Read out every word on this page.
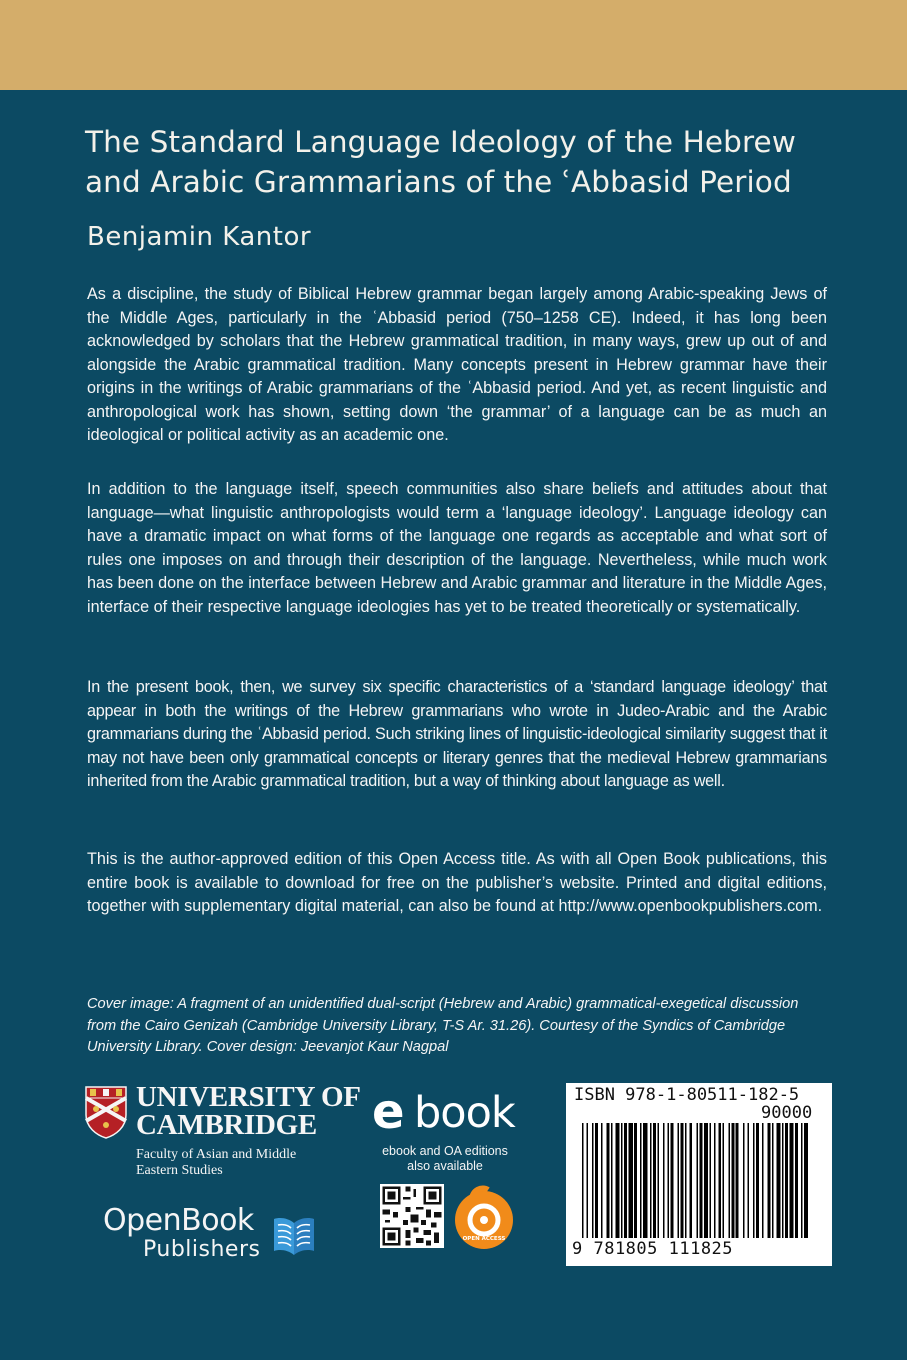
The Standard Language Ideology of the Hebrew
and Arabic Grammarians of the ʿAbbasid Period
Benjamin Kantor

As a discipline, the study of Biblical Hebrew grammar began largely among Arabic-speaking Jews of the Middle Ages, particularly in the ʿAbbasid period (750–1258 CE). Indeed, it has long been acknowledged by scholars that the Hebrew grammatical tradition, in many ways, grew up out of and alongside the Arabic grammatical tradition. Many concepts present in Hebrew grammar have their origins in the writings of Arabic grammarians of the ʿAbbasid period. And yet, as recent linguistic and anthropological work has shown, setting down ‘the grammar’ of a language can be as much an ideological or political activity as an academic one.

In addition to the language itself, speech communities also share beliefs and attitudes about that language—what linguistic anthropologists would term a ‘language ideology’. Language ideology can have a dramatic impact on what forms of the language one regards as acceptable and what sort of rules one imposes on and through their description of the language. Nevertheless, while much work has been done on the interface between Hebrew and Arabic grammar and literature in the Middle Ages, interface of their respective language ideologies has yet to be treated theoretically or systematically.

In the present book, then, we survey six specific characteristics of a ‘standard language ideology’ that appear in both the writings of the Hebrew grammarians who wrote in Judeo-Arabic and the Arabic grammarians during the ʿAbbasid period. Such striking lines of linguistic-ideological similarity suggest that it may not have been only grammatical concepts or literary genres that the medieval Hebrew grammarians inherited from the Arabic grammatical tradition, but a way of thinking about language as well.

This is the author-approved edition of this Open Access title. As with all Open Book publications, this entire book is available to download for free on the publisher’s website. Printed and digital editions, together with supplementary digital material, can also be found at http://www.openbookpublishers.com.

Cover image: A fragment of an unidentified dual-script (Hebrew and Arabic) grammatical-exegetical discussion from the Cairo Genizah (Cambridge University Library, T-S Ar. 31.26). Courtesy of the Syndics of Cambridge University Library. Cover design: Jeevanjot Kaur Nagpal

UNIVERSITY OF
CAMBRIDGE
Faculty of Asian and Middle
Eastern Studies
OpenBook
Publishers
e book
ebook and OA editions
also available
OPEN ACCESS
ISBN 978-1-80511-182-5
90000
9 781805 111825
